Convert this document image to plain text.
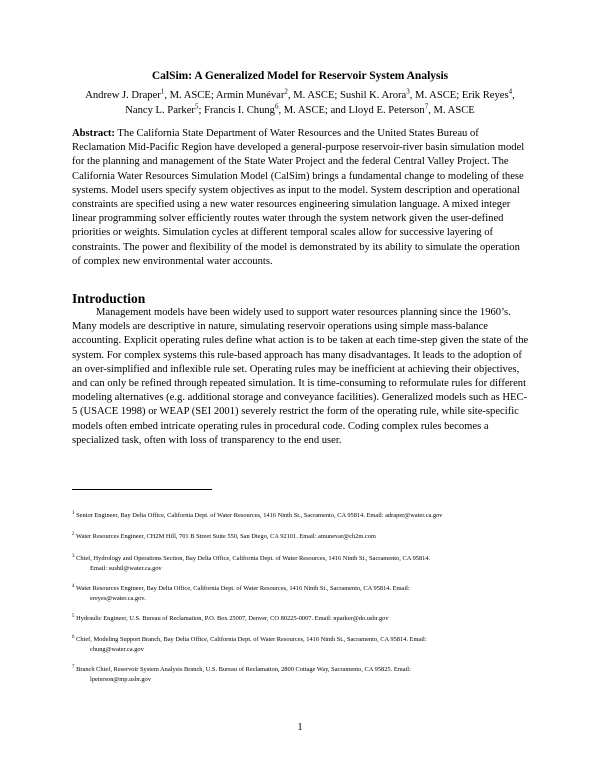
CalSim: A Generalized Model for Reservoir System Analysis
Andrew J. Draper$^1$, M. ASCE; Armin Munévar$^2$, M. ASCE; Sushil K. Arora$^3$, M. ASCE; Erik Reyes$^4$, Nancy L. Parker$^5$; Francis I. Chung$^6$, M. ASCE; and Lloyd E. Peterson$^7$, M. ASCE
Abstract: The California State Department of Water Resources and the United States Bureau of Reclamation Mid-Pacific Region have developed a general-purpose reservoir-river basin simulation model for the planning and management of the State Water Project and the federal Central Valley Project. The California Water Resources Simulation Model (CalSim) brings a fundamental change to modeling of these systems. Model users specify system objectives as input to the model. System description and operational constraints are specified using a new water resources engineering simulation language. A mixed integer linear programming solver efficiently routes water through the system network given the user-defined priorities or weights. Simulation cycles at different temporal scales allow for successive layering of constraints. The power and flexibility of the model is demonstrated by its ability to simulate the operation of complex new environmental water accounts.
Introduction
Management models have been widely used to support water resources planning since the 1960’s. Many models are descriptive in nature, simulating reservoir operations using simple mass-balance accounting. Explicit operating rules define what action is to be taken at each time-step given the state of the system. For complex systems this rule-based approach has many disadvantages. It leads to the adoption of an over-simplified and inflexible rule set. Operating rules may be inefficient at achieving their objectives, and can only be refined through repeated simulation. It is time-consuming to reformulate rules for different modeling alternatives (e.g. additional storage and conveyance facilities). Generalized models such as HEC-5 (USACE 1998) or WEAP (SEI 2001) severely restrict the form of the operating rule, while site-specific models often embed intricate operating rules in procedural code. Coding complex rules becomes a specialized task, often with loss of transparency to the end user.
$^1$ Senior Engineer, Bay Delta Office, California Dept. of Water Resources, 1416 Ninth St., Sacramento, CA 95814. Email: adraper@water.ca.gov
$^2$ Water Resources Engineer, CH2M Hill, 701 B Street Suite 550, San Diego, CA 92101. Email: amunevar@ch2m.com
$^3$ Chief, Hydrology and Operations Section, Bay Delta Office, California Dept. of Water Resources, 1416 Ninth St., Sacramento, CA 95814.
Email: sushil@water.ca.gov
$^4$ Water Resources Engineer, Bay Delta Office, California Dept. of Water Resources, 1416 Ninth St., Sacramento, CA 95814. Email:
ereyes@water.ca.gov.
$^5$ Hydraulic Engineer, U.S. Bureau of Reclamation, P.O. Box 25007, Denver, CO 80225-0007. Email: nparker@do.usbr.gov
$^6$ Chief, Modeling Support Branch, Bay Delta Office, California Dept. of Water Resources, 1416 Ninth St., Sacramento, CA 95814. Email:
chung@water.ca.gov
$^7$ Branch Chief, Reservoir System Analysis Branch, U.S. Bureau of Reclamation, 2800 Cottage Way, Sacramento, CA 95825. Email:
lpeterson@mp.usbr.gov
1
